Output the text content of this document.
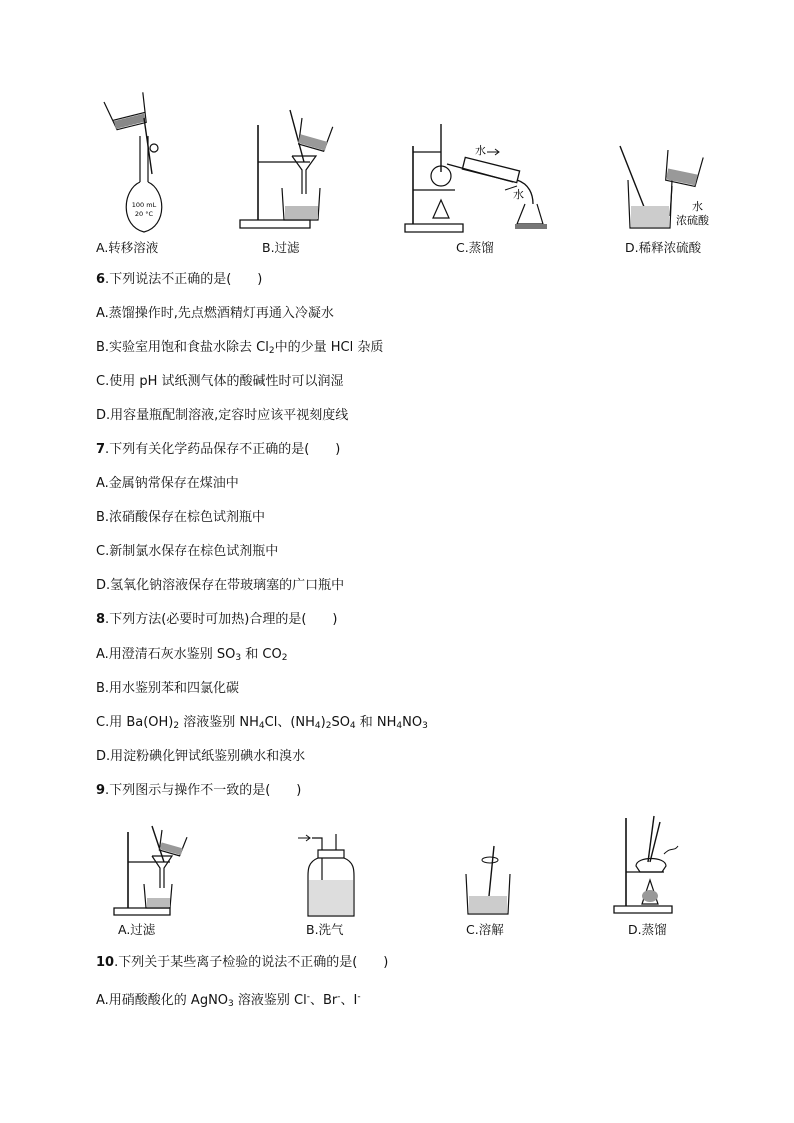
100 mL
20 °C
水
水
水
浓硫酸
A.转移溶液	B.过滤	C.蒸馏	D.稀释浓硫酸
6.下列说法不正确的是(　　)
A.蒸馏操作时,先点燃酒精灯再通入冷凝水
B.实验室用饱和食盐水除去 $Cl_2$中的少量 HCl 杂质
C.使用 pH 试纸测气体的酸碱性时可以润湿
D.用容量瓶配制溶液,定容时应该平视刻度线
7.下列有关化学药品保存不正确的是(　　)
A.金属钠常保存在煤油中
B.浓硝酸保存在棕色试剂瓶中
C.新制氯水保存在棕色试剂瓶中
D.氢氧化钠溶液保存在带玻璃塞的广口瓶中
8.下列方法(必要时可加热)合理的是(　　)
A.用澄清石灰水鉴别 $SO_3$ 和 $CO_2$
B.用水鉴别苯和四氯化碳
C.用 $Ba(OH)_2$ 溶液鉴别 $NH_4Cl$、$(NH_4)_2SO_4$ 和 $NH_4NO_3$
D.用淀粉碘化钾试纸鉴别碘水和溴水
9.下列图示与操作不一致的是(　　)
A.过滤	B.洗气	C.溶解	D.蒸馏
10.下列关于某些离子检验的说法不正确的是(　　)
A.用硝酸酸化的 AgNO$_3$ 溶液鉴别 Cl-、Br-、I-
